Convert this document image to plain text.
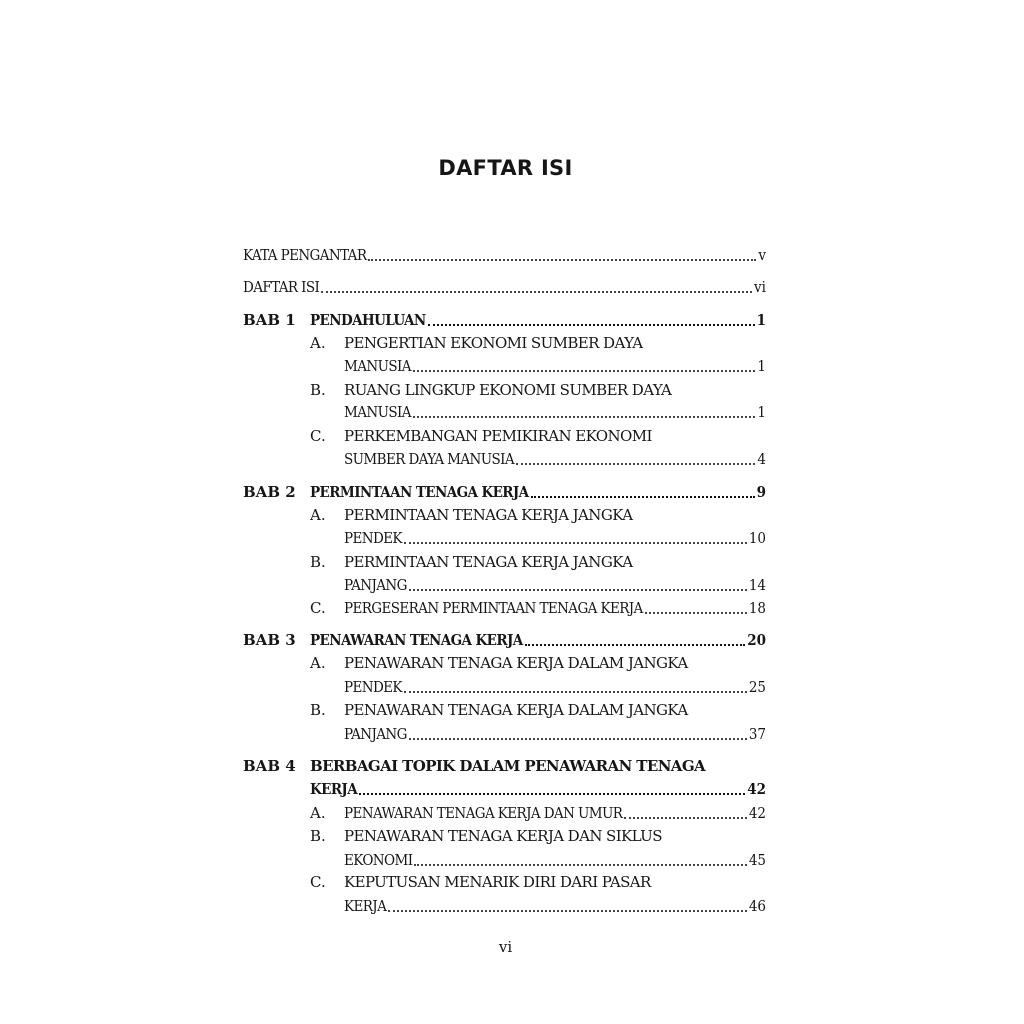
DAFTAR ISI
KATA PENGANTAR	v
DAFTAR ISI	vi
BAB 1 PENDAHULUAN	1
A. PENGERTIAN EKONOMI SUMBER DAYA
MANUSIA	1
B. RUANG LINGKUP EKONOMI SUMBER DAYA
MANUSIA	1
C. PERKEMBANGAN PEMIKIRAN EKONOMI
SUMBER DAYA MANUSIA	4
BAB 2 PERMINTAAN TENAGA KERJA	9
A. PERMINTAAN TENAGA KERJA JANGKA
PENDEK	10
B. PERMINTAAN TENAGA KERJA JANGKA
PANJANG	14
C. PERGESERAN PERMINTAAN TENAGA KERJA	18
BAB 3 PENAWARAN TENAGA KERJA	20
A. PENAWARAN TENAGA KERJA DALAM JANGKA
PENDEK	25
B. PENAWARAN TENAGA KERJA DALAM JANGKA
PANJANG	37
BAB 4 BERBAGAI TOPIK DALAM PENAWARAN TENAGA
KERJA	42
A. PENAWARAN TENAGA KERJA DAN UMUR	42
B. PENAWARAN TENAGA KERJA DAN SIKLUS
EKONOMI	45
C. KEPUTUSAN MENARIK DIRI DARI PASAR
KERJA	46
vi
